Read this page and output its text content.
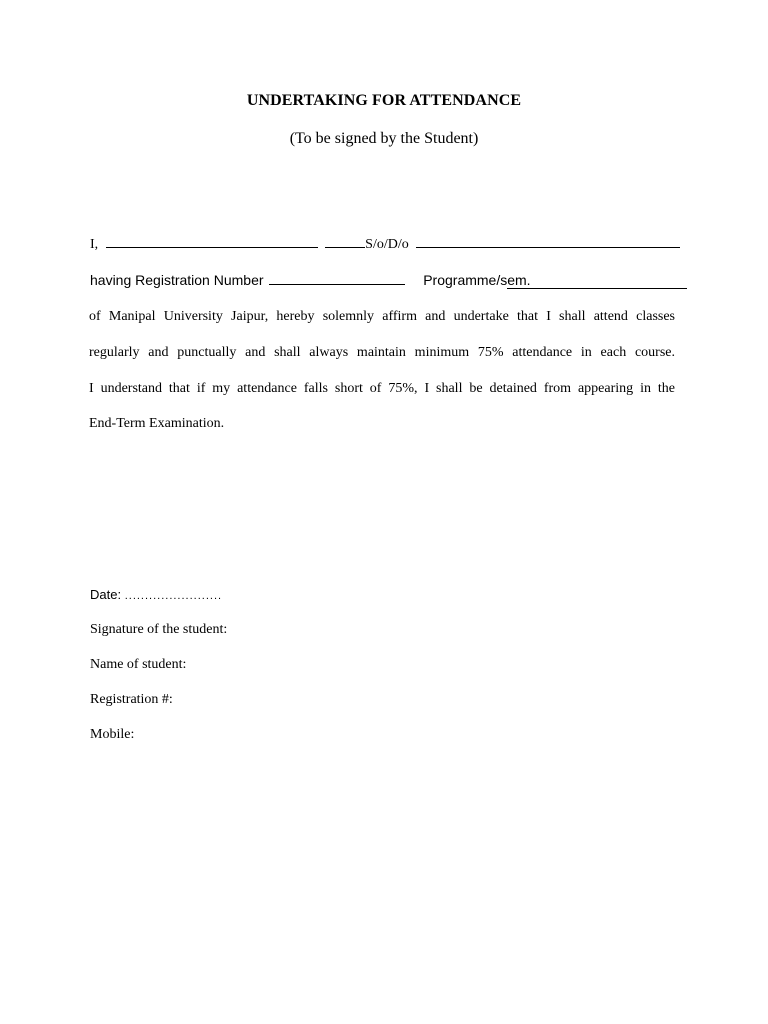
UNDERTAKING FOR ATTENDANCE
(To be signed by the Student)
I,	S/o/D/o
having Registration Number	Programme/sem.
of Manipal University Jaipur, hereby solemnly affirm and undertake that I shall attend classes
regularly and punctually and shall always maintain minimum 75% attendance in each course.
I understand that if my attendance falls short of 75%, I shall be detained from appearing in the
End-Term Examination.
Date: ........................
Signature of the student:
Name of student:
Registration #:
Mobile:
